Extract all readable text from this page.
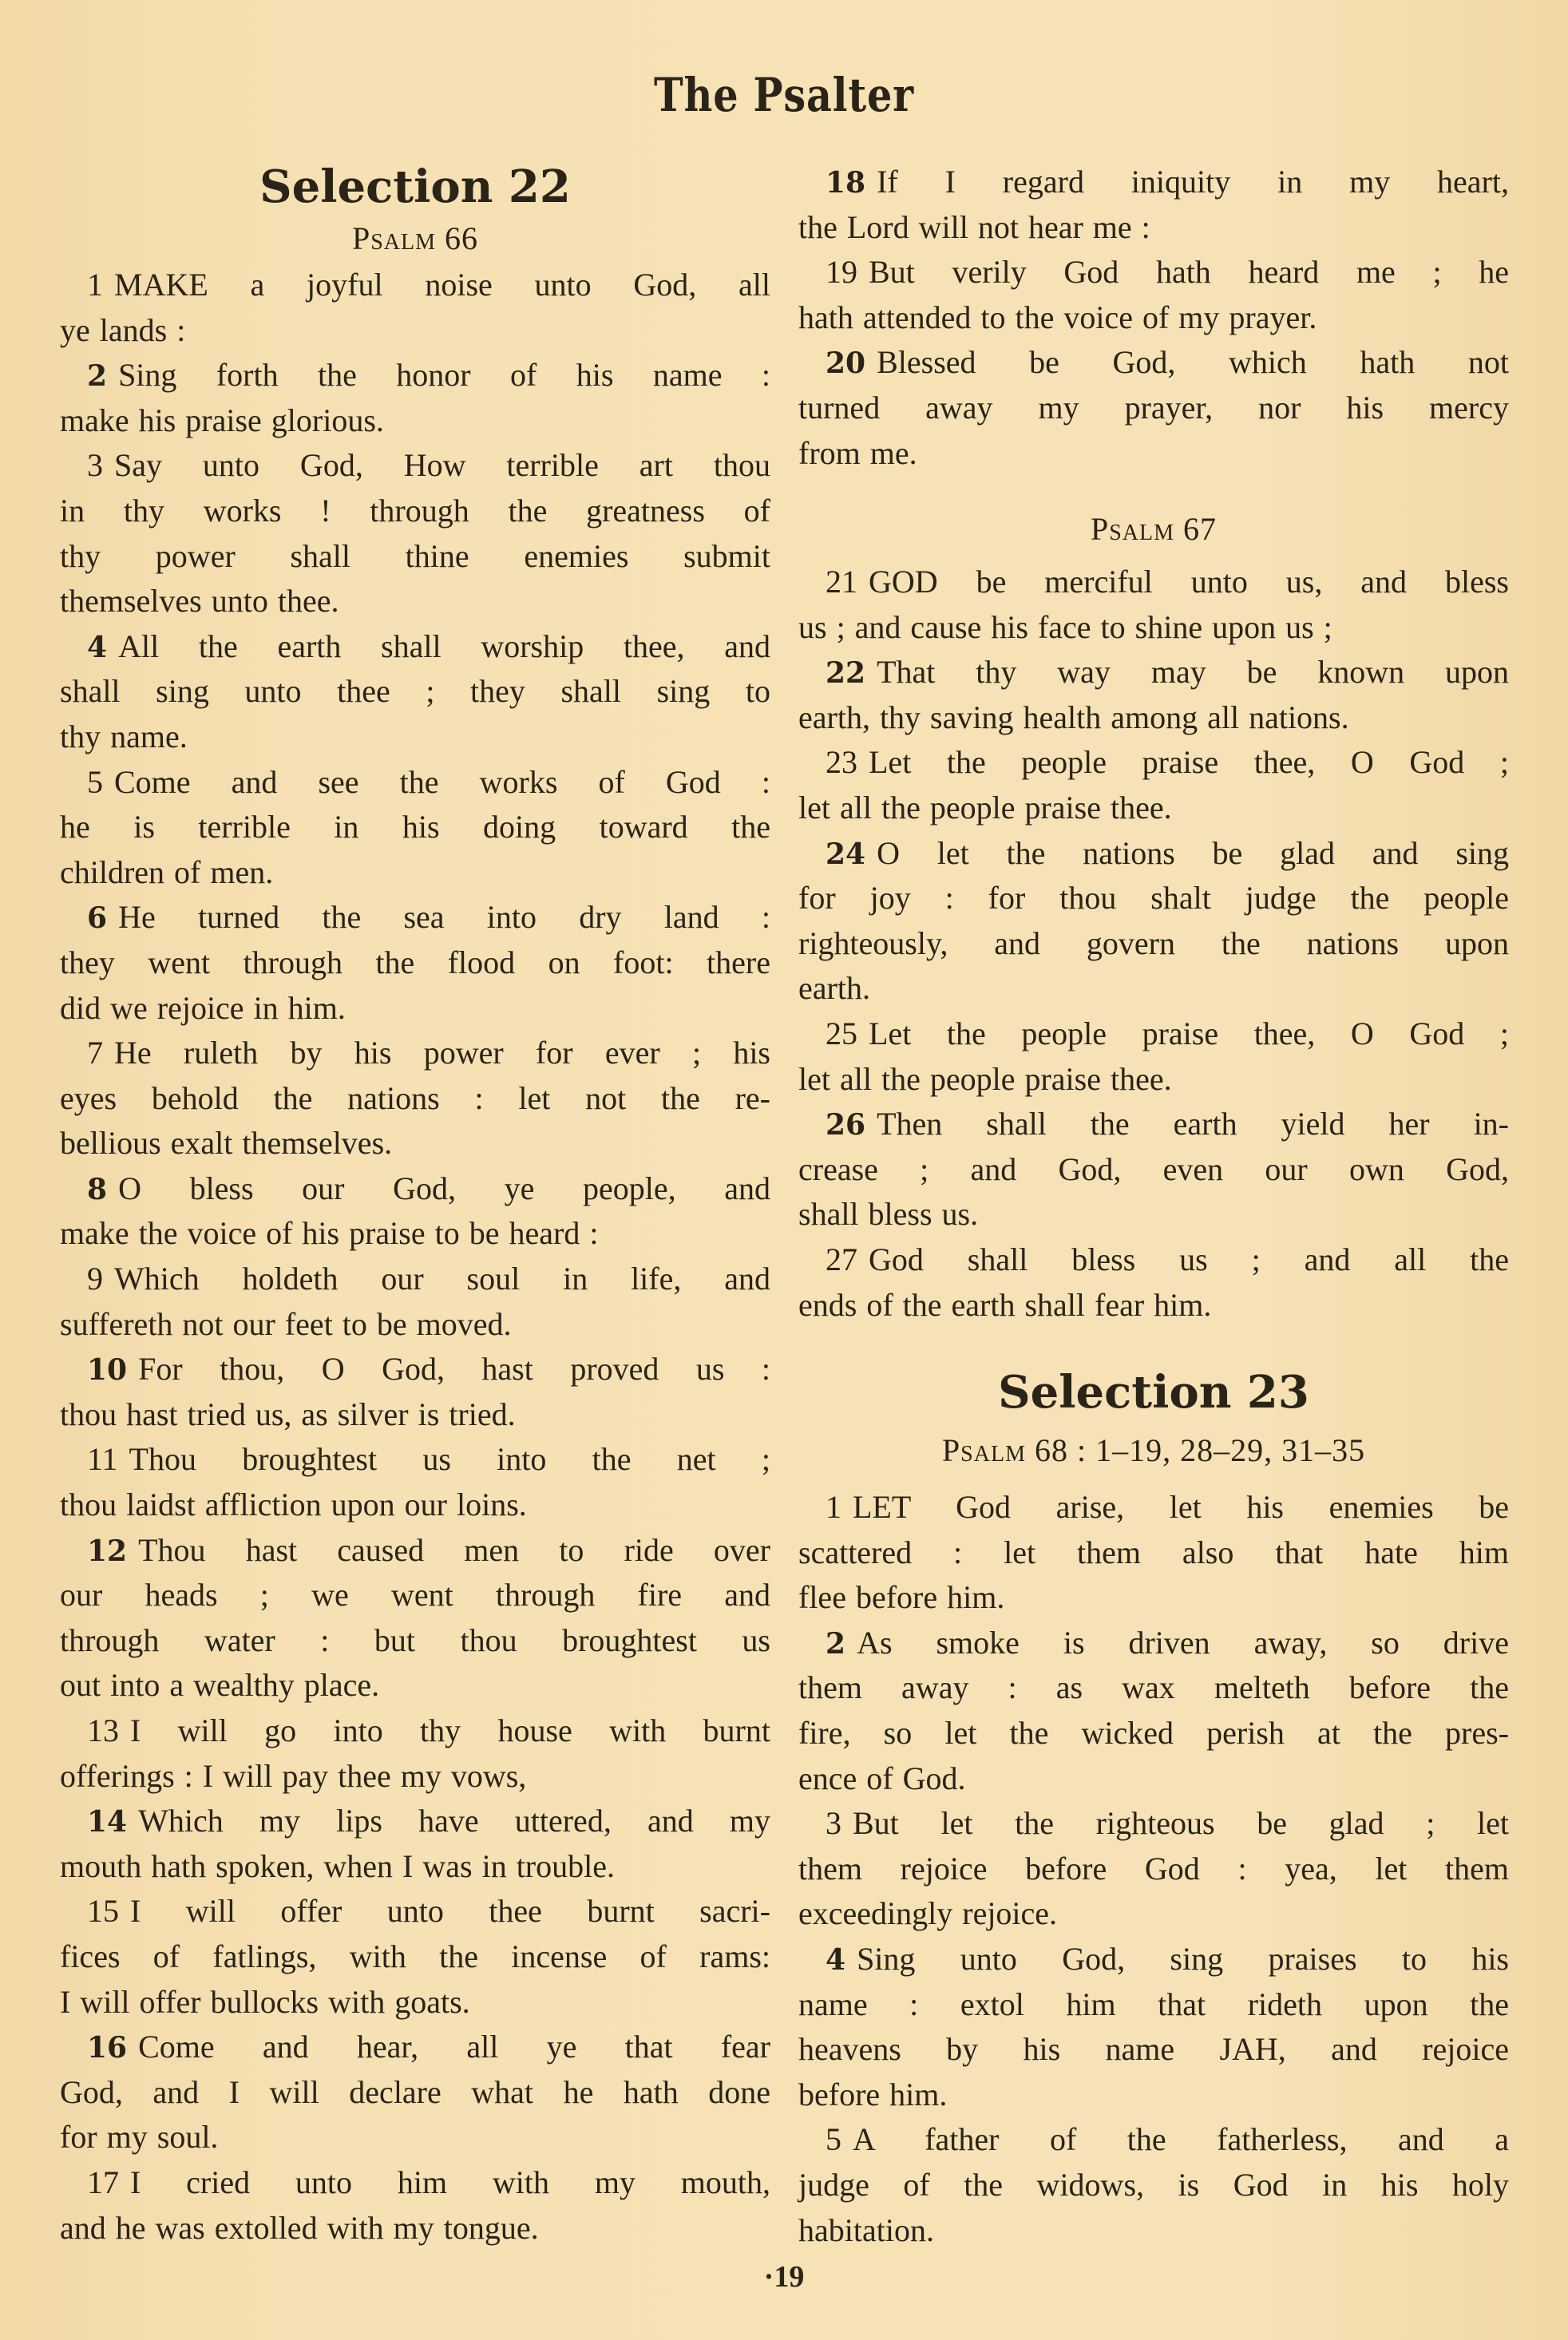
The Psalter
Selection 22
Psalm 66
1 MAKE a joyful noise unto God, all
ye lands :
2 Sing forth the honor of his name :
make his praise glorious.
3 Say unto God, How terrible art thou
in thy works ! through the greatness of
thy power shall thine enemies submit
themselves unto thee.
4 All the earth shall worship thee, and
shall sing unto thee ; they shall sing to
thy name.
5 Come and see the works of God :
he is terrible in his doing toward the
children of men.
6 He turned the sea into dry land :
they went through the flood on foot: there
did we rejoice in him.
7 He ruleth by his power for ever ; his
eyes behold the nations : let not the re-
bellious exalt themselves.
8 O bless our God, ye people, and
make the voice of his praise to be heard :
9 Which holdeth our soul in life, and
suffereth not our feet to be moved.
10 For thou, O God, hast proved us :
thou hast tried us, as silver is tried.
11 Thou broughtest us into the net ;
thou laidst affliction upon our loins.
12 Thou hast caused men to ride over
our heads ; we went through fire and
through water : but thou broughtest us
out into a wealthy place.
13 I will go into thy house with burnt
offerings : I will pay thee my vows,
14 Which my lips have uttered, and my
mouth hath spoken, when I was in trouble.
15 I will offer unto thee burnt sacri-
fices of fatlings, with the incense of rams:
I will offer bullocks with goats.
16 Come and hear, all ye that fear
God, and I will declare what he hath done
for my soul.
17 I cried unto him with my mouth,
and he was extolled with my tongue.
18 If I regard iniquity in my heart,
the Lord will not hear me :
19 But verily God hath heard me ; he
hath attended to the voice of my prayer.
20 Blessed be God, which hath not
turned away my prayer, nor his mercy
from me.
Psalm 67
21 GOD be merciful unto us, and bless
us ; and cause his face to shine upon us ;
22 That thy way may be known upon
earth, thy saving health among all nations.
23 Let the people praise thee, O God ;
let all the people praise thee.
24 O let the nations be glad and sing
for joy : for thou shalt judge the people
righteously, and govern the nations upon
earth.
25 Let the people praise thee, O God ;
let all the people praise thee.
26 Then shall the earth yield her in-
crease ; and God, even our own God,
shall bless us.
27 God shall bless us ; and all the
ends of the earth shall fear him.
Selection 23
Psalm 68 : 1–19, 28–29, 31–35
1 LET God arise, let his enemies be
scattered : let them also that hate him
flee before him.
2 As smoke is driven away, so drive
them away : as wax melteth before the
fire, so let the wicked perish at the pres-
ence of God.
3 But let the righteous be glad ; let
them rejoice before God : yea, let them
exceedingly rejoice.
4 Sing unto God, sing praises to his
name : extol him that rideth upon the
heavens by his name JAH, and rejoice
before him.
5 A father of the fatherless, and a
judge of the widows, is God in his holy
habitation.
·19
